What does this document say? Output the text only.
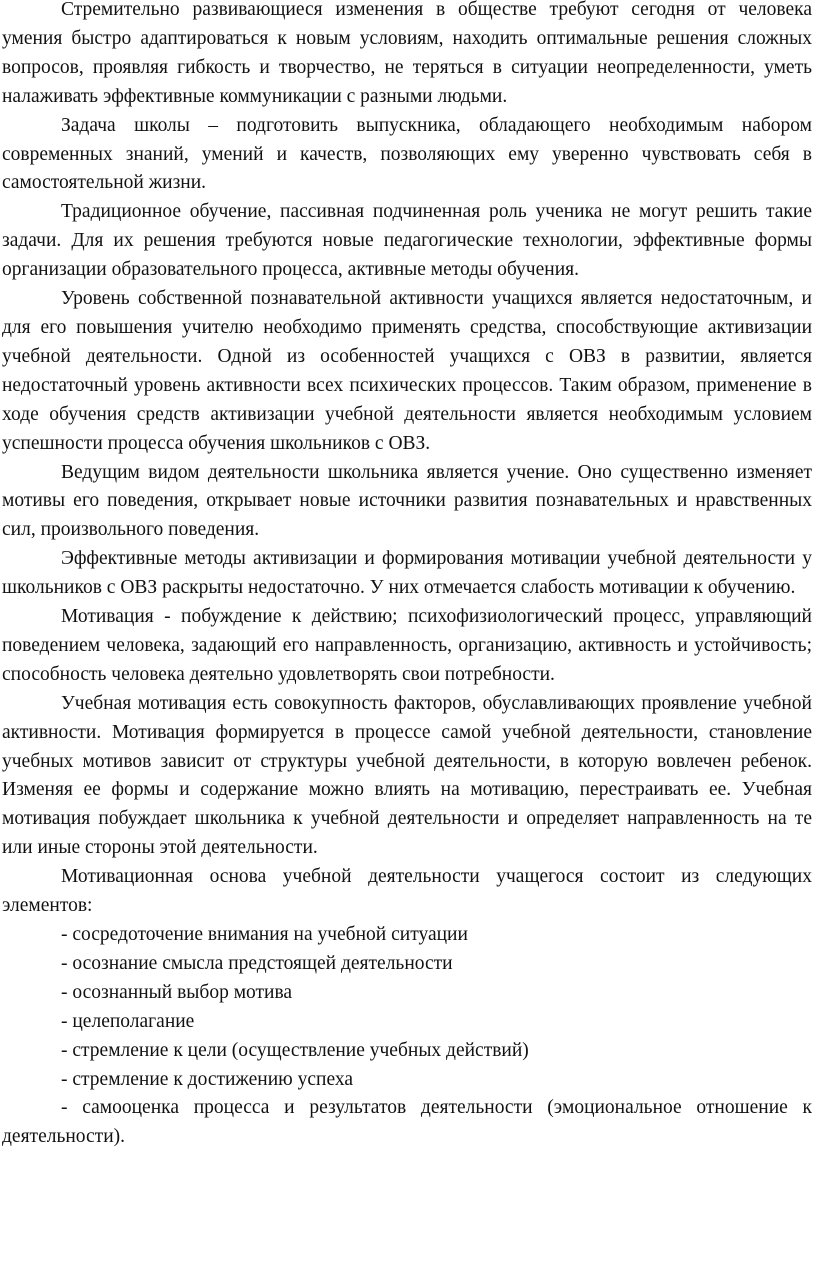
Стремительно развивающиеся изменения в обществе требуют сегодня от человека умения быстро адаптироваться к новым условиям, находить оптимальные решения сложных вопросов, проявляя гибкость и творчество, не теряться в ситуации неопределенности, уметь налаживать эффективные коммуникации с разными людьми.

Задача школы – подготовить выпускника, обладающего необходимым набором современных знаний, умений и качеств, позволяющих ему уверенно чувствовать себя в самостоятельной жизни.

Традиционное обучение, пассивная подчиненная роль ученика не могут решить такие задачи. Для их решения требуются новые педагогические технологии, эффективные формы организации образовательного процесса, активные методы обучения.

Уровень собственной познавательной активности учащихся является недостаточным, и для его повышения учителю необходимо применять средства, способствующие активизации учебной деятельности. Одной из особенностей учащихся с ОВЗ в развитии, является недостаточный уровень активности всех психических процессов. Таким образом, применение в ходе обучения средств активизации учебной деятельности является необходимым условием успешности процесса обучения школьников с ОВЗ.

Ведущим видом деятельности школьника является учение. Оно существенно изменяет мотивы его поведения, открывает новые источники развития познавательных и нравственных сил, произвольного поведения.

Эффективные методы активизации и формирования мотивации учебной деятельности у школьников с ОВЗ раскрыты недостаточно. У них отмечается слабость мотивации к обучению.

Мотивация - побуждение к действию; психофизиологический процесс, управляющий поведением человека, задающий его направленность, организацию, активность и устойчивость; способность человека деятельно удовлетворять свои потребности.

Учебная мотивация есть совокупность факторов, обуславливающих проявление учебной активности. Мотивация формируется в процессе самой учебной деятельности, становление учебных мотивов зависит от структуры учебной деятельности, в которую вовлечен ребенок. Изменяя ее формы и содержание можно влиять на мотивацию, перестраивать ее. Учебная мотивация побуждает школьника к учебной деятельности и определяет направленность на те или иные стороны этой деятельности.

Мотивационная основа учебной деятельности учащегося состоит из следующих элементов:

- сосредоточение внимания на учебной ситуации
- осознание смысла предстоящей деятельности
- осознанный выбор мотива
- целеполагание
- стремление к цели (осуществление учебных действий)
- стремление к достижению успеха
- самооценка процесса и результатов деятельности (эмоциональное отношение к деятельности).
